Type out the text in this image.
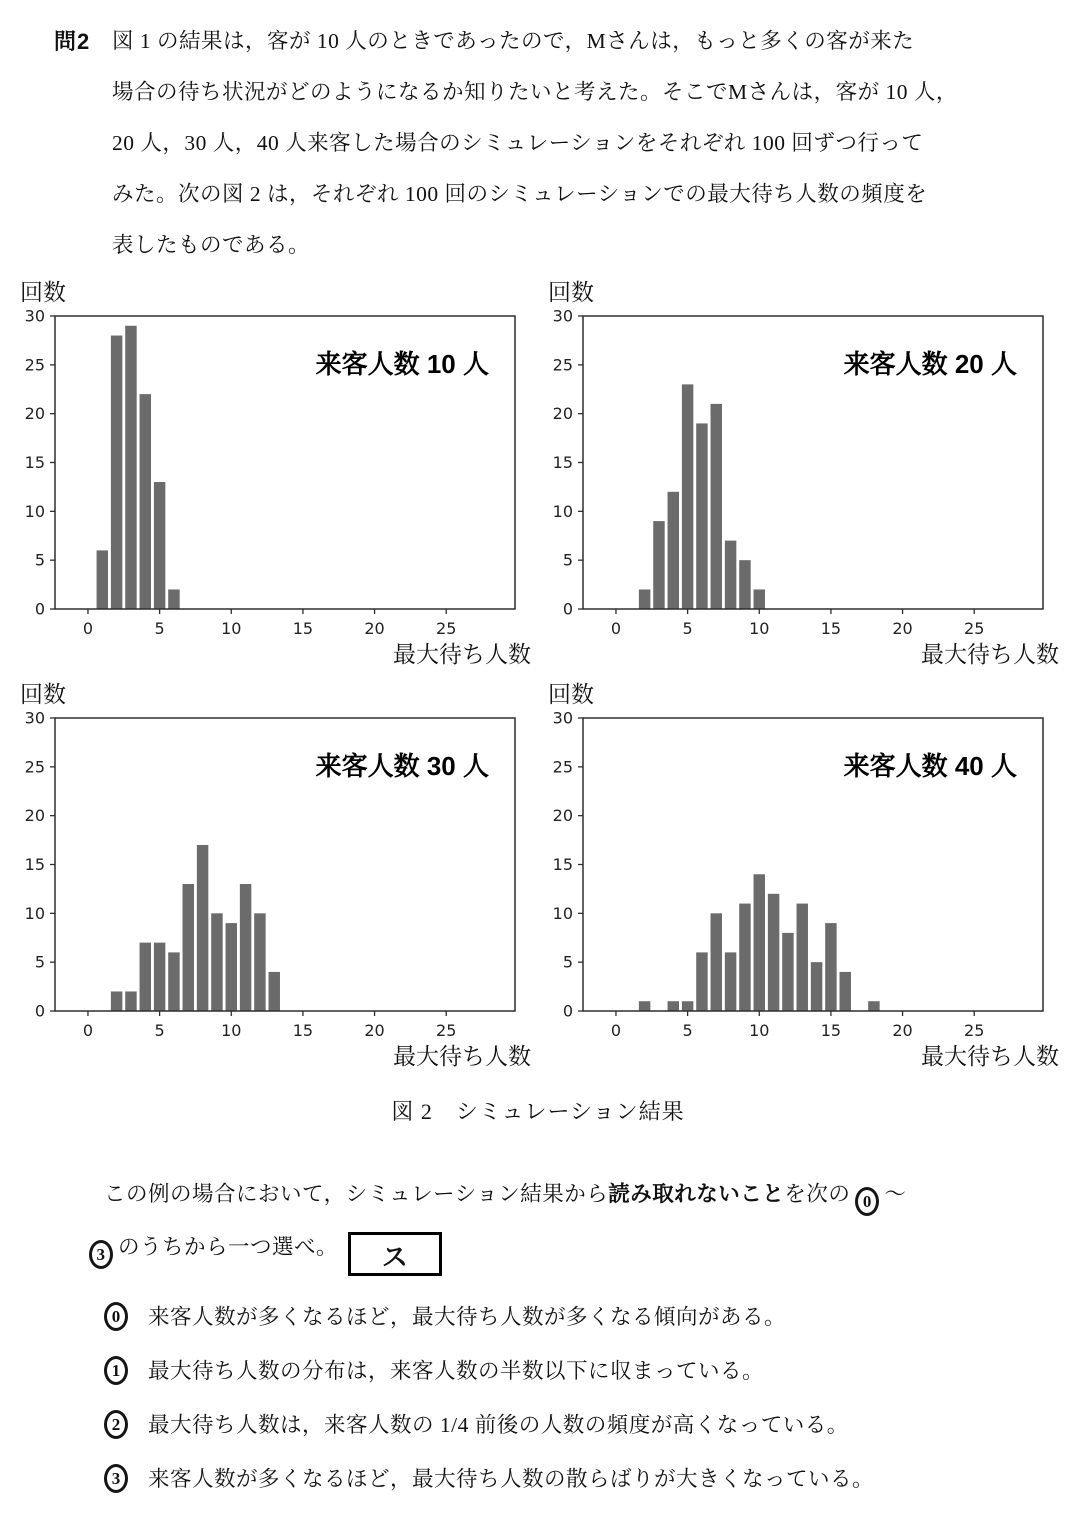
問2 図 1 の結果は，客が 10 人のときであったので，Mさんは，もっと多くの客が来た
場合の待ち状況がどのようになるか知りたいと考えた。そこでMさんは，客が 10 人，
20 人，30 人，40 人来客した場合のシミュレーションをそれぞれ 100 回ずつ行って
みた。次の図 2 は，それぞれ 100 回のシミュレーションでの最大待ち人数の頻度を
表したものである。
回数
0
5
10
15
20
25
30
0	5	10	15	20	25
来客人数 10 人
最大待ち人数
回数
0
5
10
15
20
25
30
0	5	10	15	20	25
来客人数 20 人
最大待ち人数
回数
0
5
10
15
20
25
30
0	5	10	15	20	25
来客人数 30 人
最大待ち人数
回数
0
5
10
15
20
25
30
0	5	10	15	20	25
来客人数 40 人
最大待ち人数
図 2　シミュレーション結果
この例の場合において，シミュレーション結果から読み取れないことを次の 0 ～
3 のうちから一つ選べ。 ス
0 来客人数が多くなるほど，最大待ち人数が多くなる傾向がある。
1 最大待ち人数の分布は，来客人数の半数以下に収まっている。
2 最大待ち人数は，来客人数の 1/4 前後の人数の頻度が高くなっている。
3 来客人数が多くなるほど，最大待ち人数の散らばりが大きくなっている。
